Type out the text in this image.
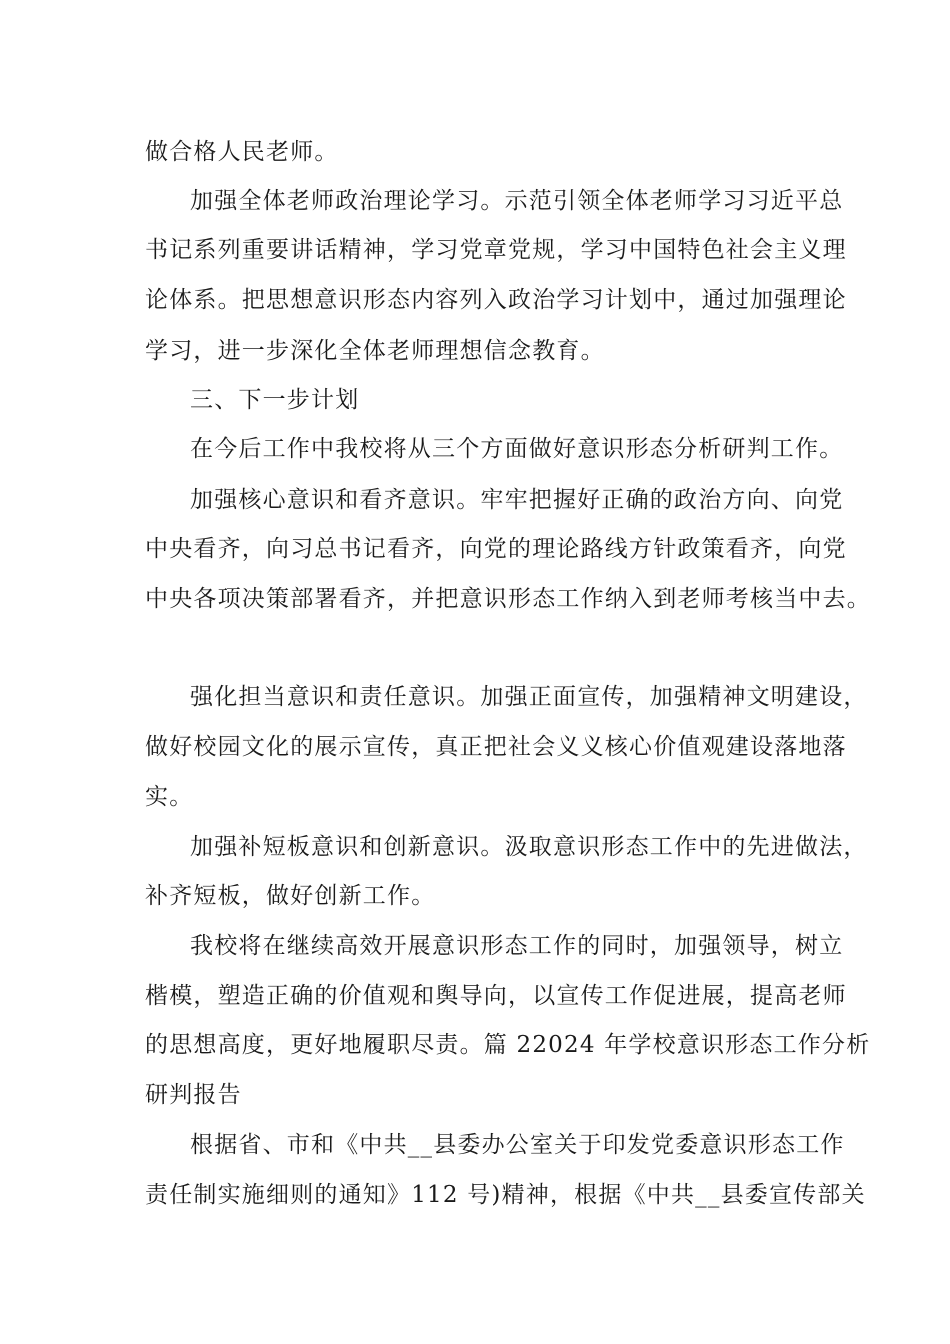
做合格人民老师。
加强全体老师政治理论学习。示范引领全体老师学习习近平总
书记系列重要讲话精神，学习党章党规，学习中国特色社会主义理
论体系。把思想意识形态内容列入政治学习计划中，通过加强理论
学习，进一步深化全体老师理想信念教育。
三、下一步计划
在今后工作中我校将从三个方面做好意识形态分析研判工作。
加强核心意识和看齐意识。牢牢把握好正确的政治方向、向党
中央看齐，向习总书记看齐，向党的理论路线方针政策看齐，向党
中央各项决策部署看齐，并把意识形态工作纳入到老师考核当中去。
强化担当意识和责任意识。加强正面宣传，加强精神文明建设，
做好校园文化的展示宣传，真正把社会义义核心价值观建设落地落
实。
加强补短板意识和创新意识。汲取意识形态工作中的先进做法，
补齐短板，做好创新工作。
我校将在继续高效开展意识形态工作的同时，加强领导，树立
楷模，塑造正确的价值观和舆导向，以宣传工作促进展，提高老师
的思想高度，更好地履职尽责。篇 22024 年学校意识形态工作分析
研判报告
根据省、市和《中共__县委办公室关于印发党委意识形态工作
责任制实施细则的通知》112 号)精神，根据《中共__县委宣传部关
